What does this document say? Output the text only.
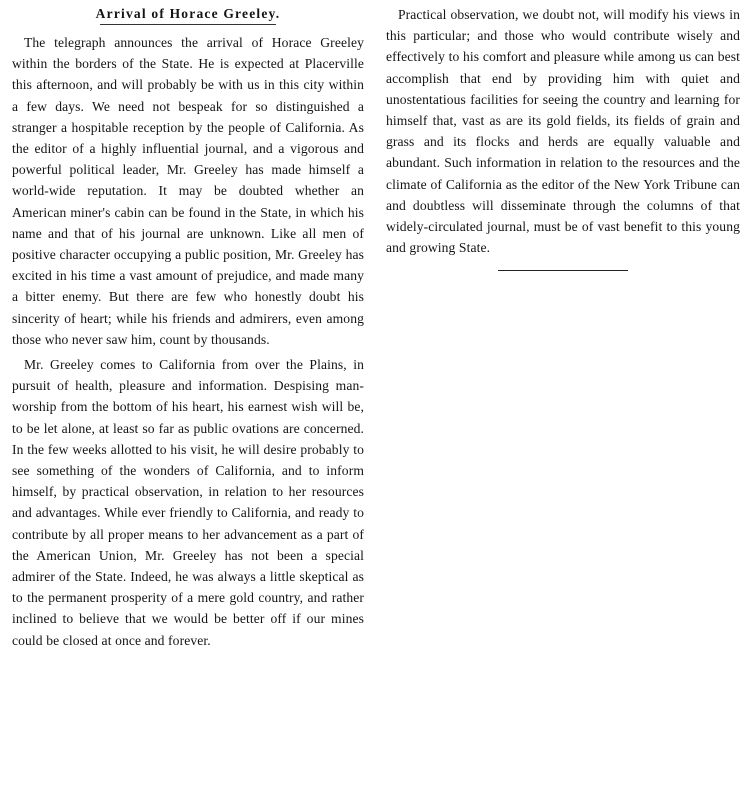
Arrival of Horace Greeley.

The telegraph announces the arrival of Horace Greeley within the borders of the State. He is expected at Placerville this afternoon, and will probably be with us in this city within a few days. We need not bespeak for so distinguished a stranger a hospitable reception by the people of California. As the editor of a highly influential journal, and a vigorous and powerful political leader, Mr. Greeley has made himself a world-wide reputation. It may be doubted whether an American miner's cabin can be found in the State, in which his name and that of his journal are unknown. Like all men of positive character occupying a public position, Mr. Greeley has excited in his time a vast amount of prejudice, and made many a bitter enemy. But there are few who honestly doubt his sincerity of heart; while his friends and admirers, even among those who never saw him, count by thousands.

Mr. Greeley comes to California from over the Plains, in pursuit of health, pleasure and information. Despising man-worship from the bottom of his heart, his earnest wish will be, to be let alone, at least so far as public ovations are concerned. In the few weeks allotted to his visit, he will desire probably to see something of the wonders of California, and to inform himself, by practical observation, in relation to her resources and advantages. While ever friendly to California, and ready to contribute by all proper means to her advancement as a part of the American Union, Mr. Greeley has not been a special admirer of the State. Indeed, he was always a little skeptical as to the permanent prosperity of a mere gold country, and rather inclined to believe that we would be better off if our mines could be closed at once and forever.

Practical observation, we doubt not, will modify his views in this particular; and those who would contribute wisely and effectively to his comfort and pleasure while among us can best accomplish that end by providing him with quiet and unostentatious facilities for seeing the country and learning for himself that, vast as are its gold fields, its fields of grain and grass and its flocks and herds are equally valuable and abundant. Such information in relation to the resources and the climate of California as the editor of the New York Tribune can and doubtless will disseminate through the columns of that widely-circulated journal, must be of vast benefit to this young and growing State.
